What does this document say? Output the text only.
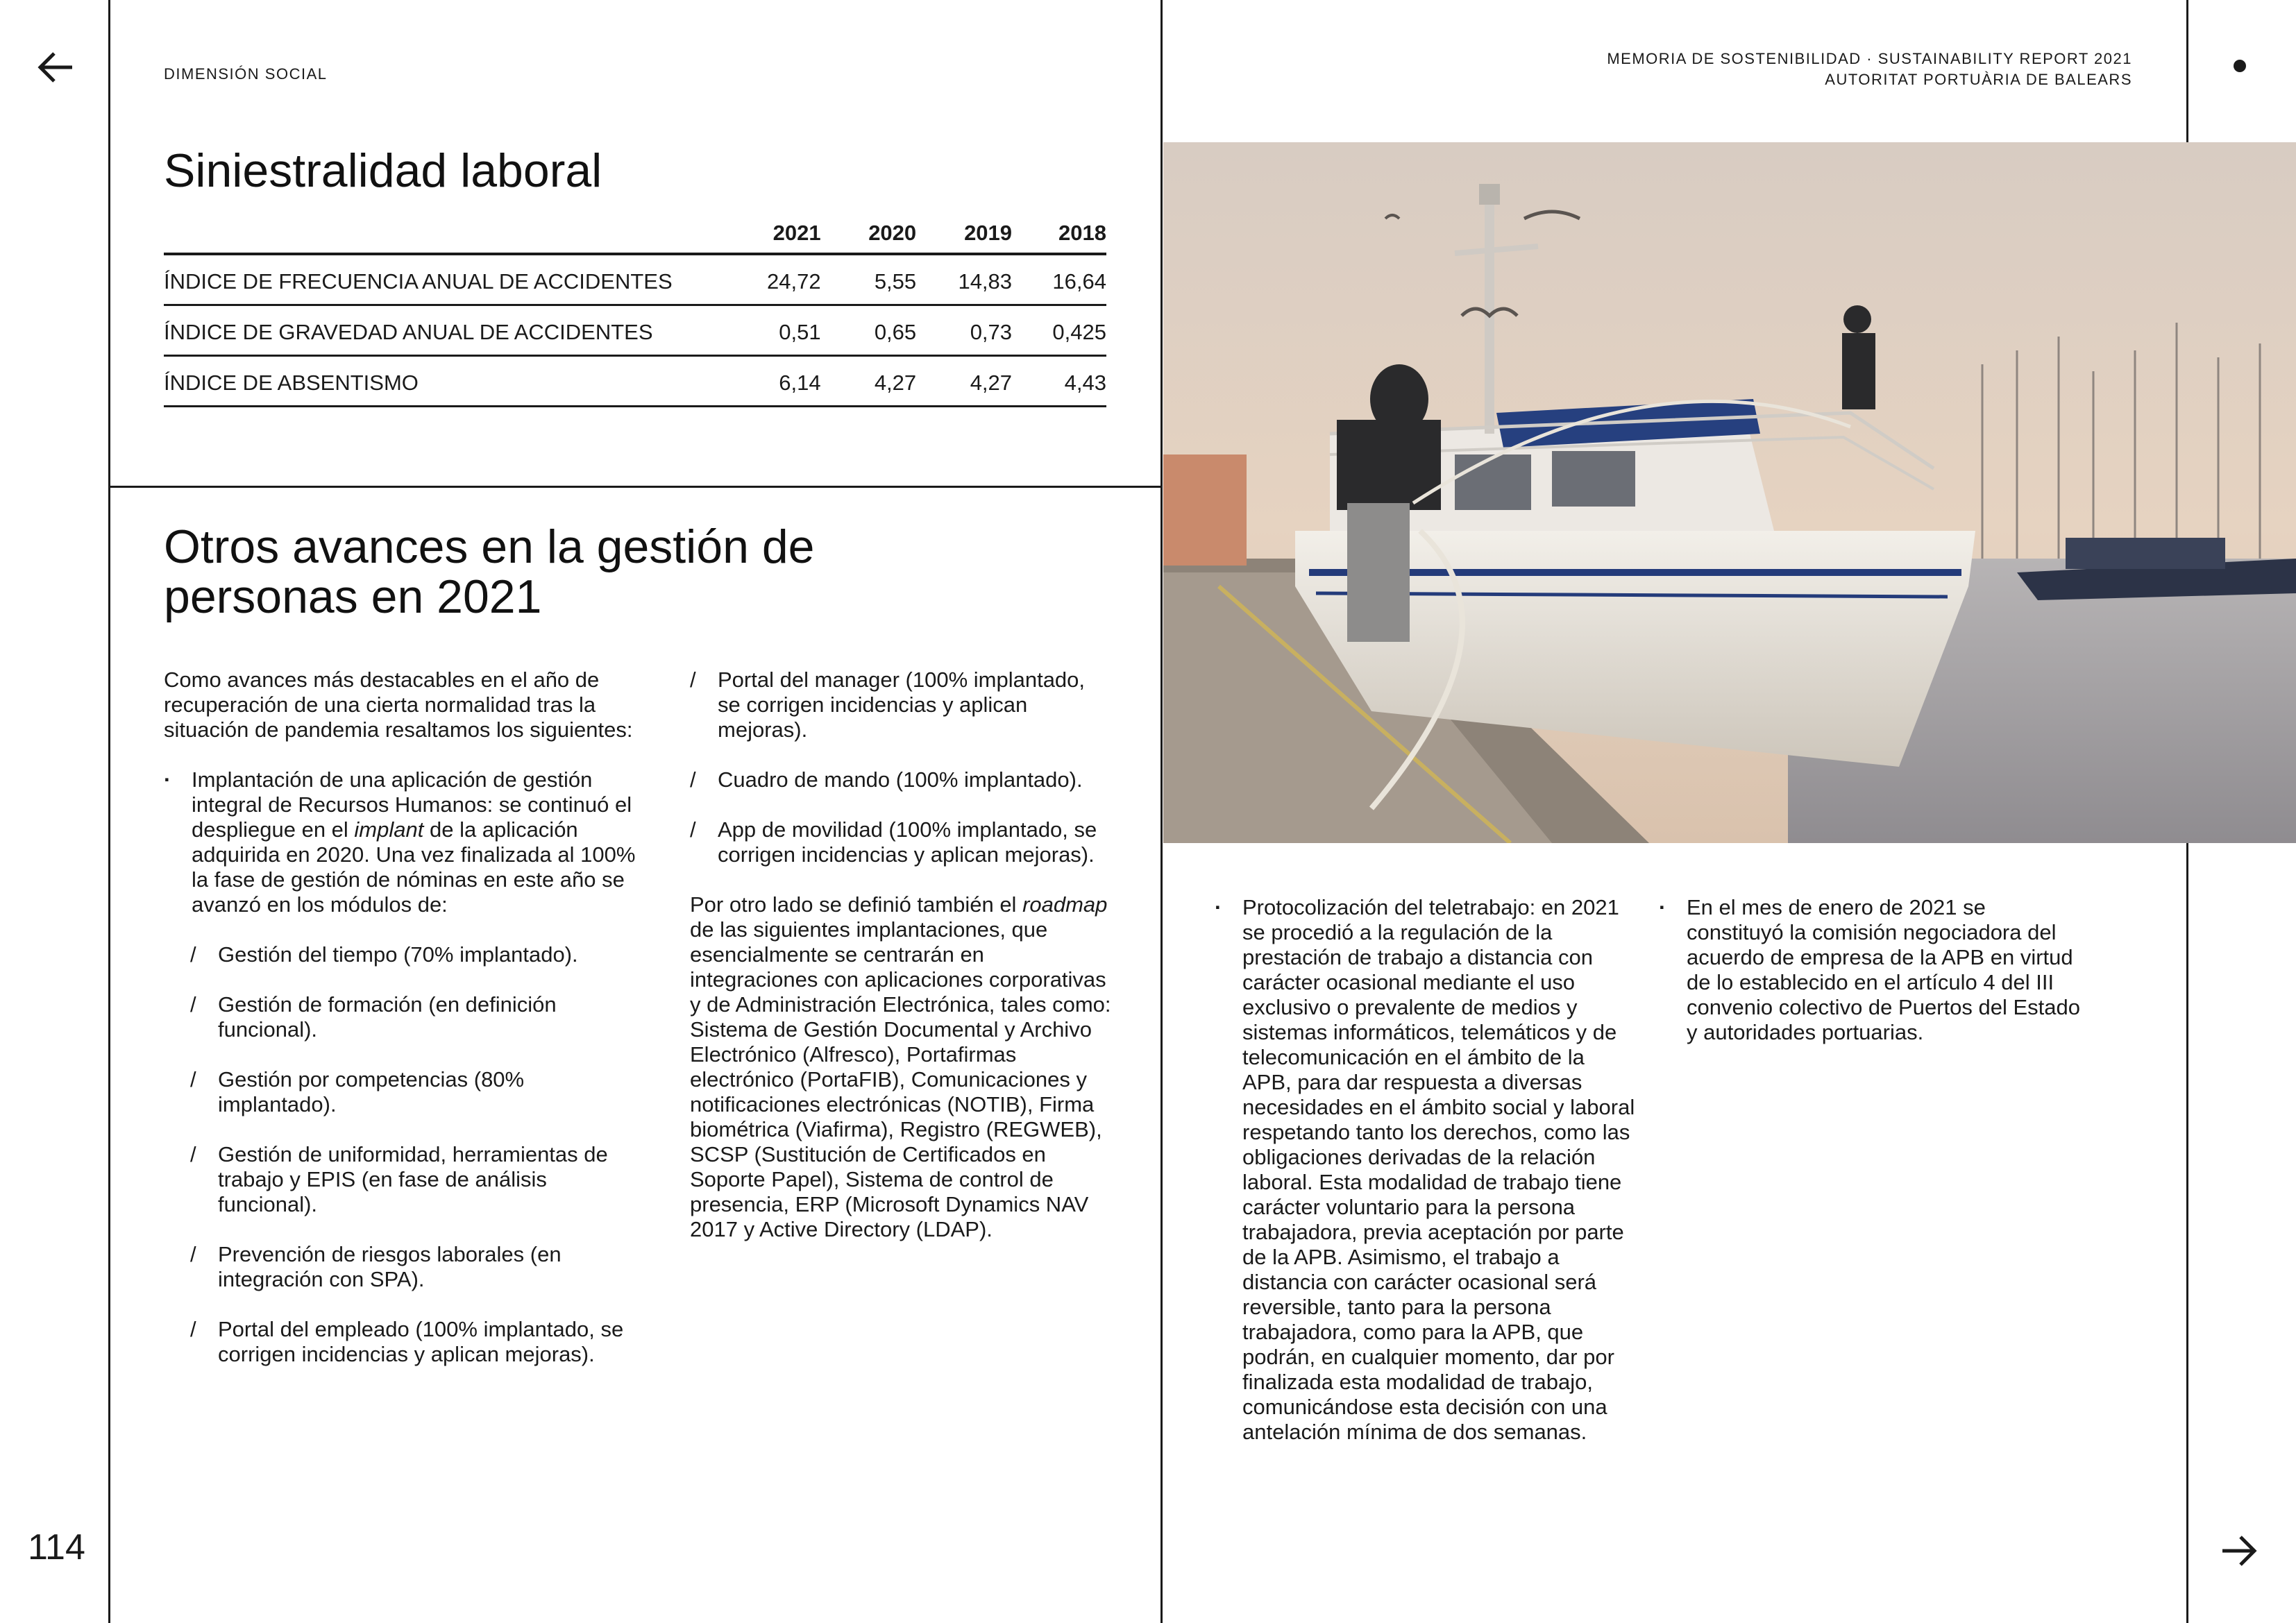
DIMENSIÓN SOCIAL
MEMORIA DE SOSTENIBILIDAD · SUSTAINABILITY REPORT 2021
AUTORITAT PORTUÀRIA DE BALEARS
Siniestralidad laboral
	2021	2020	2019	2018
ÍNDICE DE FRECUENCIA ANUAL DE ACCIDENTES	24,72	5,55	14,83	16,64
ÍNDICE DE GRAVEDAD ANUAL DE ACCIDENTES	0,51	0,65	0,73	0,425
ÍNDICE DE ABSENTISMO	6,14	4,27	4,27	4,43
Otros avances en la gestión de personas en 2021

Como avances más destacables en el año de recuperación de una cierta normalidad tras la situación de pandemia resaltamos los siguientes:

· Implantación de una aplicación de gestión integral de Recursos Humanos: se continuó el despliegue en el implant de la aplicación adquirida en 2020. Una vez finalizada al 100% la fase de gestión de nóminas en este año se avanzó en los módulos de:
/ Gestión del tiempo (70% implantado).
/ Gestión de formación (en definición funcional).
/ Gestión por competencias (80% implantado).
/ Gestión de uniformidad, herramientas de trabajo y EPIS (en fase de análisis funcional).
/ Prevención de riesgos laborales (en integración con SPA).
/ Portal del empleado (100% implantado, se corrigen incidencias y aplican mejoras).
/ Portal del manager (100% implantado, se corrigen incidencias y aplican mejoras).
/ Cuadro de mando (100% implantado).
/ App de movilidad (100% implantado, se corrigen incidencias y aplican mejoras).

Por otro lado se definió también el roadmap de las siguientes implantaciones, que esencialmente se centrarán en integraciones con aplicaciones corporativas y de Administración Electrónica, tales como: Sistema de Gestión Documental y Archivo Electrónico (Alfresco), Portafirmas electrónico (PortaFIB), Comunicaciones y notificaciones electrónicas (NOTIB), Firma biométrica (Viafirma), Registro (REGWEB), SCSP (Sustitución de Certificados en Soporte Papel), Sistema de control de presencia, ERP (Microsoft Dynamics NAV 2017 y Active Directory (LDAP).

· Protocolización del teletrabajo: en 2021 se procedió a la regulación de la prestación de trabajo a distancia con carácter ocasional mediante el uso exclusivo o prevalente de medios y sistemas informáticos, telemáticos y de telecomunicación en el ámbito de la APB, para dar respuesta a diversas necesidades en el ámbito social y laboral respetando tanto los derechos, como las obligaciones derivadas de la relación laboral. Esta modalidad de trabajo tiene carácter voluntario para la persona trabajadora, previa aceptación por parte de la APB. Asimismo, el trabajo a distancia con carácter ocasional será reversible, tanto para la persona trabajadora, como para la APB, que podrán, en cualquier momento, dar por finalizada esta modalidad de trabajo, comunicándose esta decisión con una antelación mínima de dos semanas.
· En el mes de enero de 2021 se constituyó la comisión negociadora del acuerdo de empresa de la APB en virtud de lo establecido en el artículo 4 del III convenio colectivo de Puertos del Estado y autoridades portuarias.
114
